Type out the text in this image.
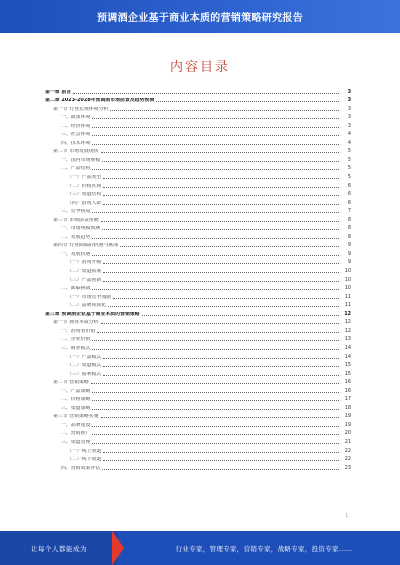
预调酒企业基于商业本质的营销策略研究报告
内容目录
第一章 前言	3
第二章 2023-2028年预调酒市场前景及趋势预测	3
第一节 行业宏观环境分析	3
一、政策环境	3
二、经济环境	3
三、社会环境	4
四、技术环境	4
第二节 市场发展现状	5
一、国内市场规模	5
二、产品结构	5
（一）产品类型	5
（二）价格区间	6
（三）渠道结构	6
（四）消费人群	6
三、竞争格局	7
第三节 市场前景预测	8
一、市场规模预测	8
二、发展趋势	8
第四节 行业面临的机遇与挑战	9
一、发展机遇	9
（一）消费升级	9
（二）渠道拓展	10
（三）产品创新	10
二、面临挑战	10
（一）市场竞争加剧	11
（二）品牌同质化	11
第三章 预调酒企业基于商业本质的营销策略	12
第一节 商业本质分析	12
一、消费者价值	12
二、企业价值	13
三、商业模式	14
（一）产品模式	14
（二）渠道模式	15
（三）盈利模式	15
第二节 营销策略	16
一、产品策略	16
二、价格策略	17
三、渠道策略	18
第三节 营销策略实施	19
一、品牌建设	19
二、营销推广	20
三、渠道管理	21
（一）线上渠道	22
（二）线下渠道	22
四、营销效果评估	23
1
让每个人都能成为	行业专家，管理专家，营销专家，战略专家，投资专家……
